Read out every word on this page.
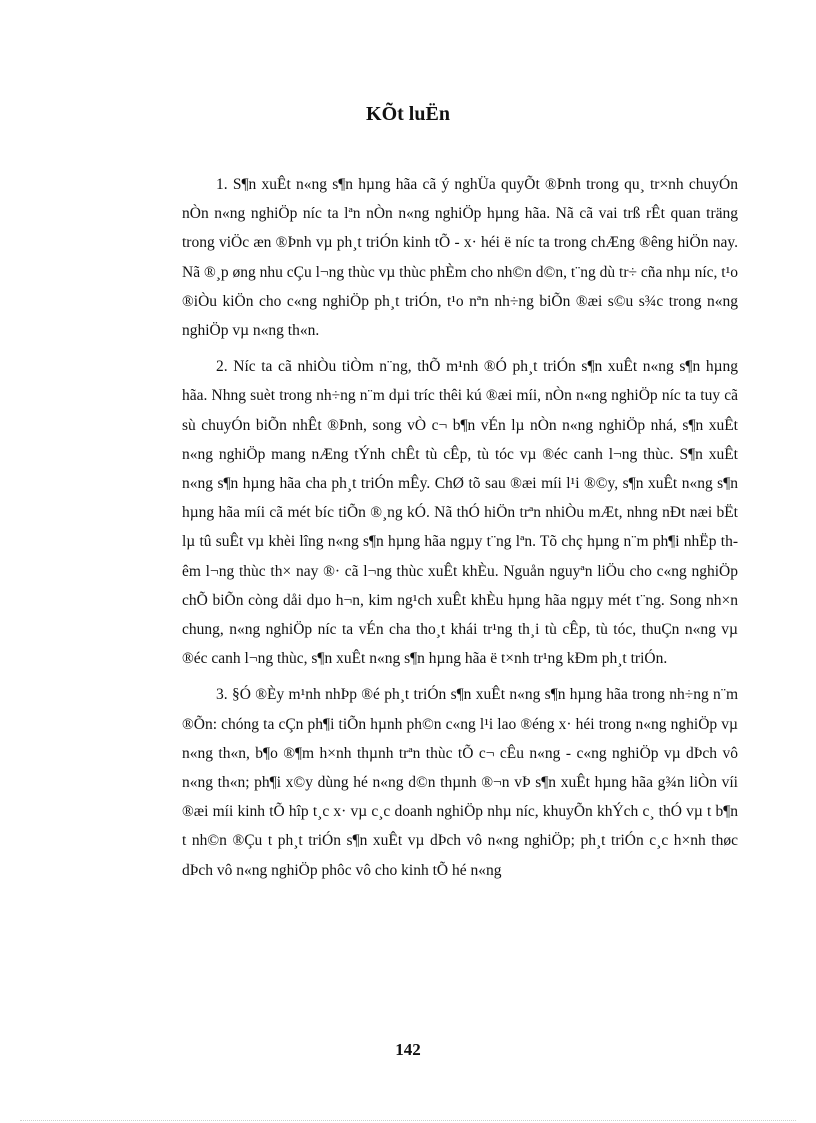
KÕt luËn

1. S¶n xuÊt n«ng s¶n hµng hãa cã ý nghÜa quyÕt ®Þnh trong qu¸ tr×nh chuyÓn nÒn n«ng nghiÖp níc ta lªn nÒn n«ng nghiÖp hµng hãa. Nã cã vai trß rÊt quan träng trong viÖc æn ®Þnh vµ ph¸t triÓn kinh tÕ - x· héi ë níc ta trong chÆng ®êng hiÖn nay. Nã ®¸p øng nhu cÇu l¬ng thùc vµ thùc phÈm cho nh©n d©n, t¨ng dù tr÷ cña nhµ níc, t¹o ®iÒu kiÖn cho c«ng nghiÖp ph¸t triÓn, t¹o nªn nh÷ng biÕn ®æi s©u s¾c trong n«ng nghiÖp vµ n«ng th«n.

2. Níc ta cã nhiÒu tiÒm n¨ng, thÕ m¹nh ®Ó ph¸t triÓn s¶n xuÊt n«ng s¶n hµng hãa. Nhng suèt trong nh÷ng n¨m dµi tríc thêi kú ®æi míi, nÒn n«ng nghiÖp níc ta tuy cã sù chuyÓn biÕn nhÊt ®Þnh, song vÒ c¬ b¶n vÉn lµ nÒn n«ng nghiÖp nhá, s¶n xuÊt n«ng nghiÖp mang nÆng tÝnh chÊt tù cÊp, tù tóc vµ ®éc canh l¬ng thùc. S¶n xuÊt n«ng s¶n hµng hãa cha ph¸t triÓn mÊy. ChØ tõ sau ®æi míi l¹i ®©y, s¶n xuÊt n«ng s¶n hµng hãa míi cã mét bíc tiÕn ®¸ng kÓ. Nã thÓ hiÖn trªn nhiÒu mÆt, nhng nÐt næi bËt lµ tû suÊt vµ khèi lîng n«ng s¶n hµng hãa ngµy t¨ng lªn. Tõ chç hµng n¨m ph¶i nhËp thêm l¬ng thùc th× nay ®· cã l¬ng thùc xuÊt khÈu. Nguån nguyªn liÖu cho c«ng nghiÖp chÕ biÕn còng dåi dµo h¬n, kim ng¹ch xuÊt khÈu hµng hãa ngµy mét t¨ng. Song nh×n chung, n«ng nghiÖp níc ta vÉn cha tho¸t khái tr¹ng th¸i tù cÊp, tù tóc, thuÇn n«ng vµ ®éc canh l¬ng thùc, s¶n xuÊt n«ng s¶n hµng hãa ë t×nh tr¹ng kÐm ph¸t triÓn.

3. §Ó ®Èy m¹nh nhÞp ®é ph¸t triÓn s¶n xuÊt n«ng s¶n hµng hãa trong nh÷ng n¨m ®Õn: chóng ta cÇn ph¶i tiÕn hµnh ph©n c«ng l¹i lao ®éng x· héi trong n«ng nghiÖp vµ n«ng th«n, b¶o ®¶m h×nh thµnh trªn thùc tÕ c¬ cÊu n«ng - c«ng nghiÖp vµ dÞch vô n«ng th«n; ph¶i x©y dùng hé n«ng d©n thµnh ®¬n vÞ s¶n xuÊt hµng hãa g¾n liÒn víi ®æi míi kinh tÕ hîp t¸c x· vµ c¸c doanh nghiÖp nhµ níc, khuyÕn khÝch c¸ thÓ vµ t b¶n t nh©n ®Çu t ph¸t triÓn s¶n xuÊt vµ dÞch vô n«ng nghiÖp; ph¸t triÓn c¸c h×nh thøc dÞch vô n«ng nghiÖp phôc vô cho kinh tÕ hé n«ng

142
